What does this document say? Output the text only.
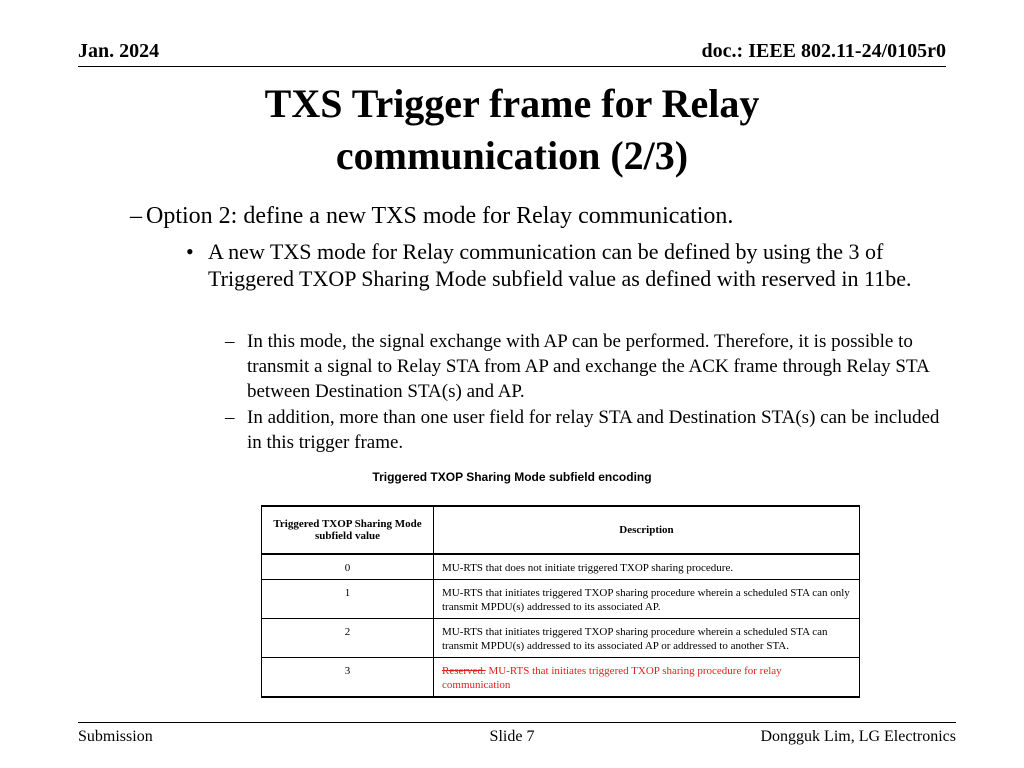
Jan. 2024	doc.: IEEE 802.11-24/0105r0
TXS Trigger frame for Relay
communication (2/3)
– Option 2: define a new TXS mode for Relay communication.
• A new TXS mode for Relay communication can be defined by using the 3 of Triggered TXOP Sharing Mode subfield value as defined with reserved in 11be.
– In this mode, the signal exchange with AP can be performed. Therefore, it is possible to transmit a signal to Relay STA from AP and exchange the ACK frame through Relay STA between Destination STA(s) and AP.
– In addition, more than one user field for relay STA and Destination STA(s) can be included in this trigger frame.
Triggered TXOP Sharing Mode subfield encoding
Triggered TXOP Sharing Mode subfield value	Description
0	MU-RTS that does not initiate triggered TXOP sharing procedure.
1	MU-RTS that initiates triggered TXOP sharing procedure wherein a scheduled STA can only transmit MPDU(s) addressed to its associated AP.
2	MU-RTS that initiates triggered TXOP sharing procedure wherein a scheduled STA can transmit MPDU(s) addressed to its associated AP or addressed to another STA.
3	Reserved. MU-RTS that initiates triggered TXOP sharing procedure for relay communication
Submission	Slide 7	Dongguk Lim, LG Electronics
